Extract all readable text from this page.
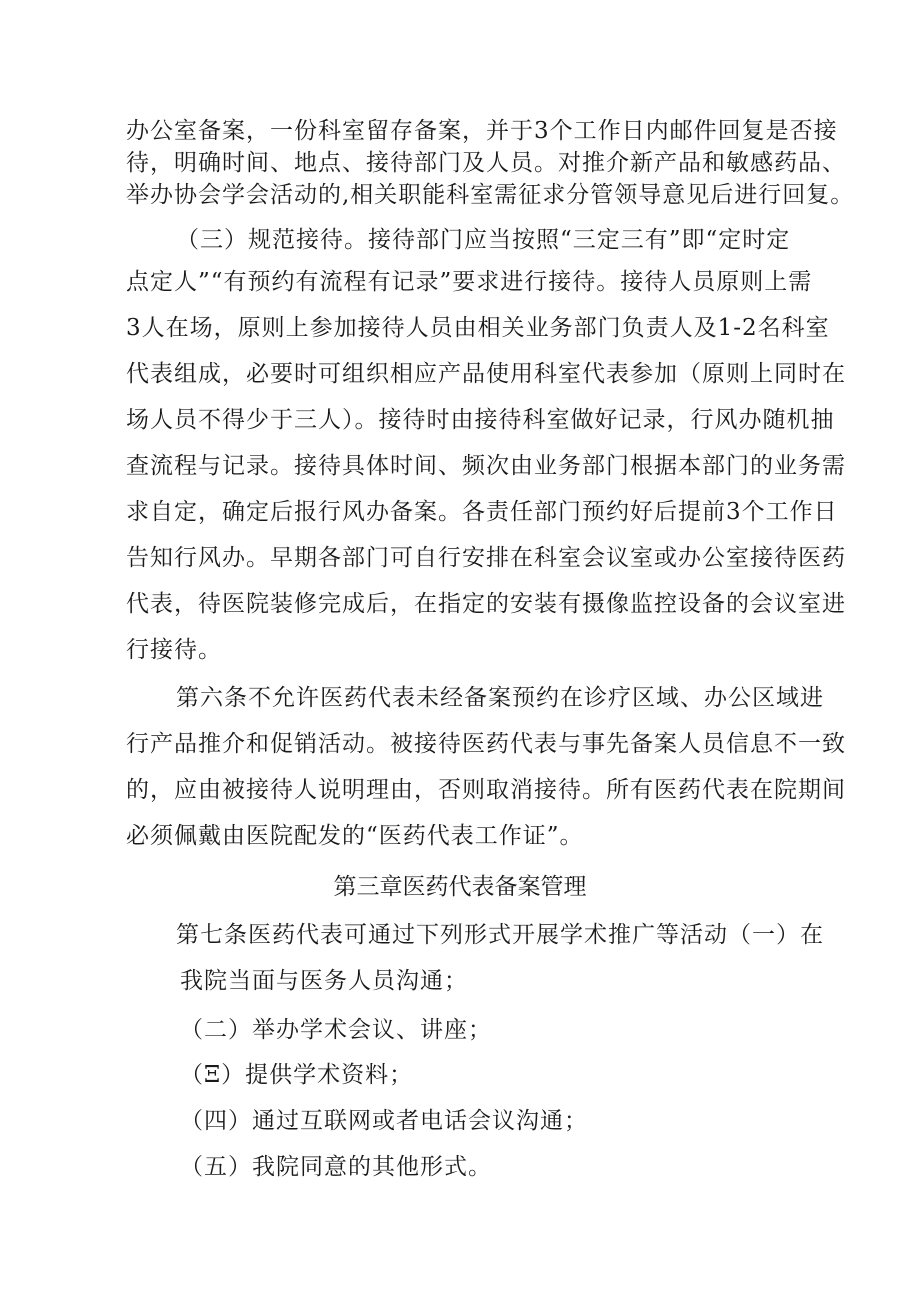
办公室备案，一份科室留存备案，并于3个工作日内邮件回复是否接
待，明确时间、地点、接待部门及人员。对推介新产品和敏感药品、
举办协会学会活动的,相关职能科室需征求分管领导意见后进行回复。
（三）规范接待。接待部门应当按照“三定三有”即“定时定
点定人”“有预约有流程有记录”要求进行接待。接待人员原则上需
3人在场，原则上参加接待人员由相关业务部门负责人及1-2名科室
代表组成，必要时可组织相应产品使用科室代表参加（原则上同时在
场人员不得少于三人）。接待时由接待科室做好记录，行风办随机抽
查流程与记录。接待具体时间、频次由业务部门根据本部门的业务需
求自定，确定后报行风办备案。各责任部门预约好后提前3个工作日
告知行风办。早期各部门可自行安排在科室会议室或办公室接待医药
代表，待医院装修完成后，在指定的安装有摄像监控设备的会议室进
行接待。
第六条不允许医药代表未经备案预约在诊疗区域、办公区域进
行产品推介和促销活动。被接待医药代表与事先备案人员信息不一致
的，应由被接待人说明理由，否则取消接待。所有医药代表在院期间
必须佩戴由医院配发的“医药代表工作证”。
第三章医药代表备案管理
第七条医药代表可通过下列形式开展学术推广等活动（一）在
我院当面与医务人员沟通；
（二）举办学术会议、讲座；
（Ξ）提供学术资料；
（四）通过互联网或者电话会议沟通；
（五）我院同意的其他形式。
